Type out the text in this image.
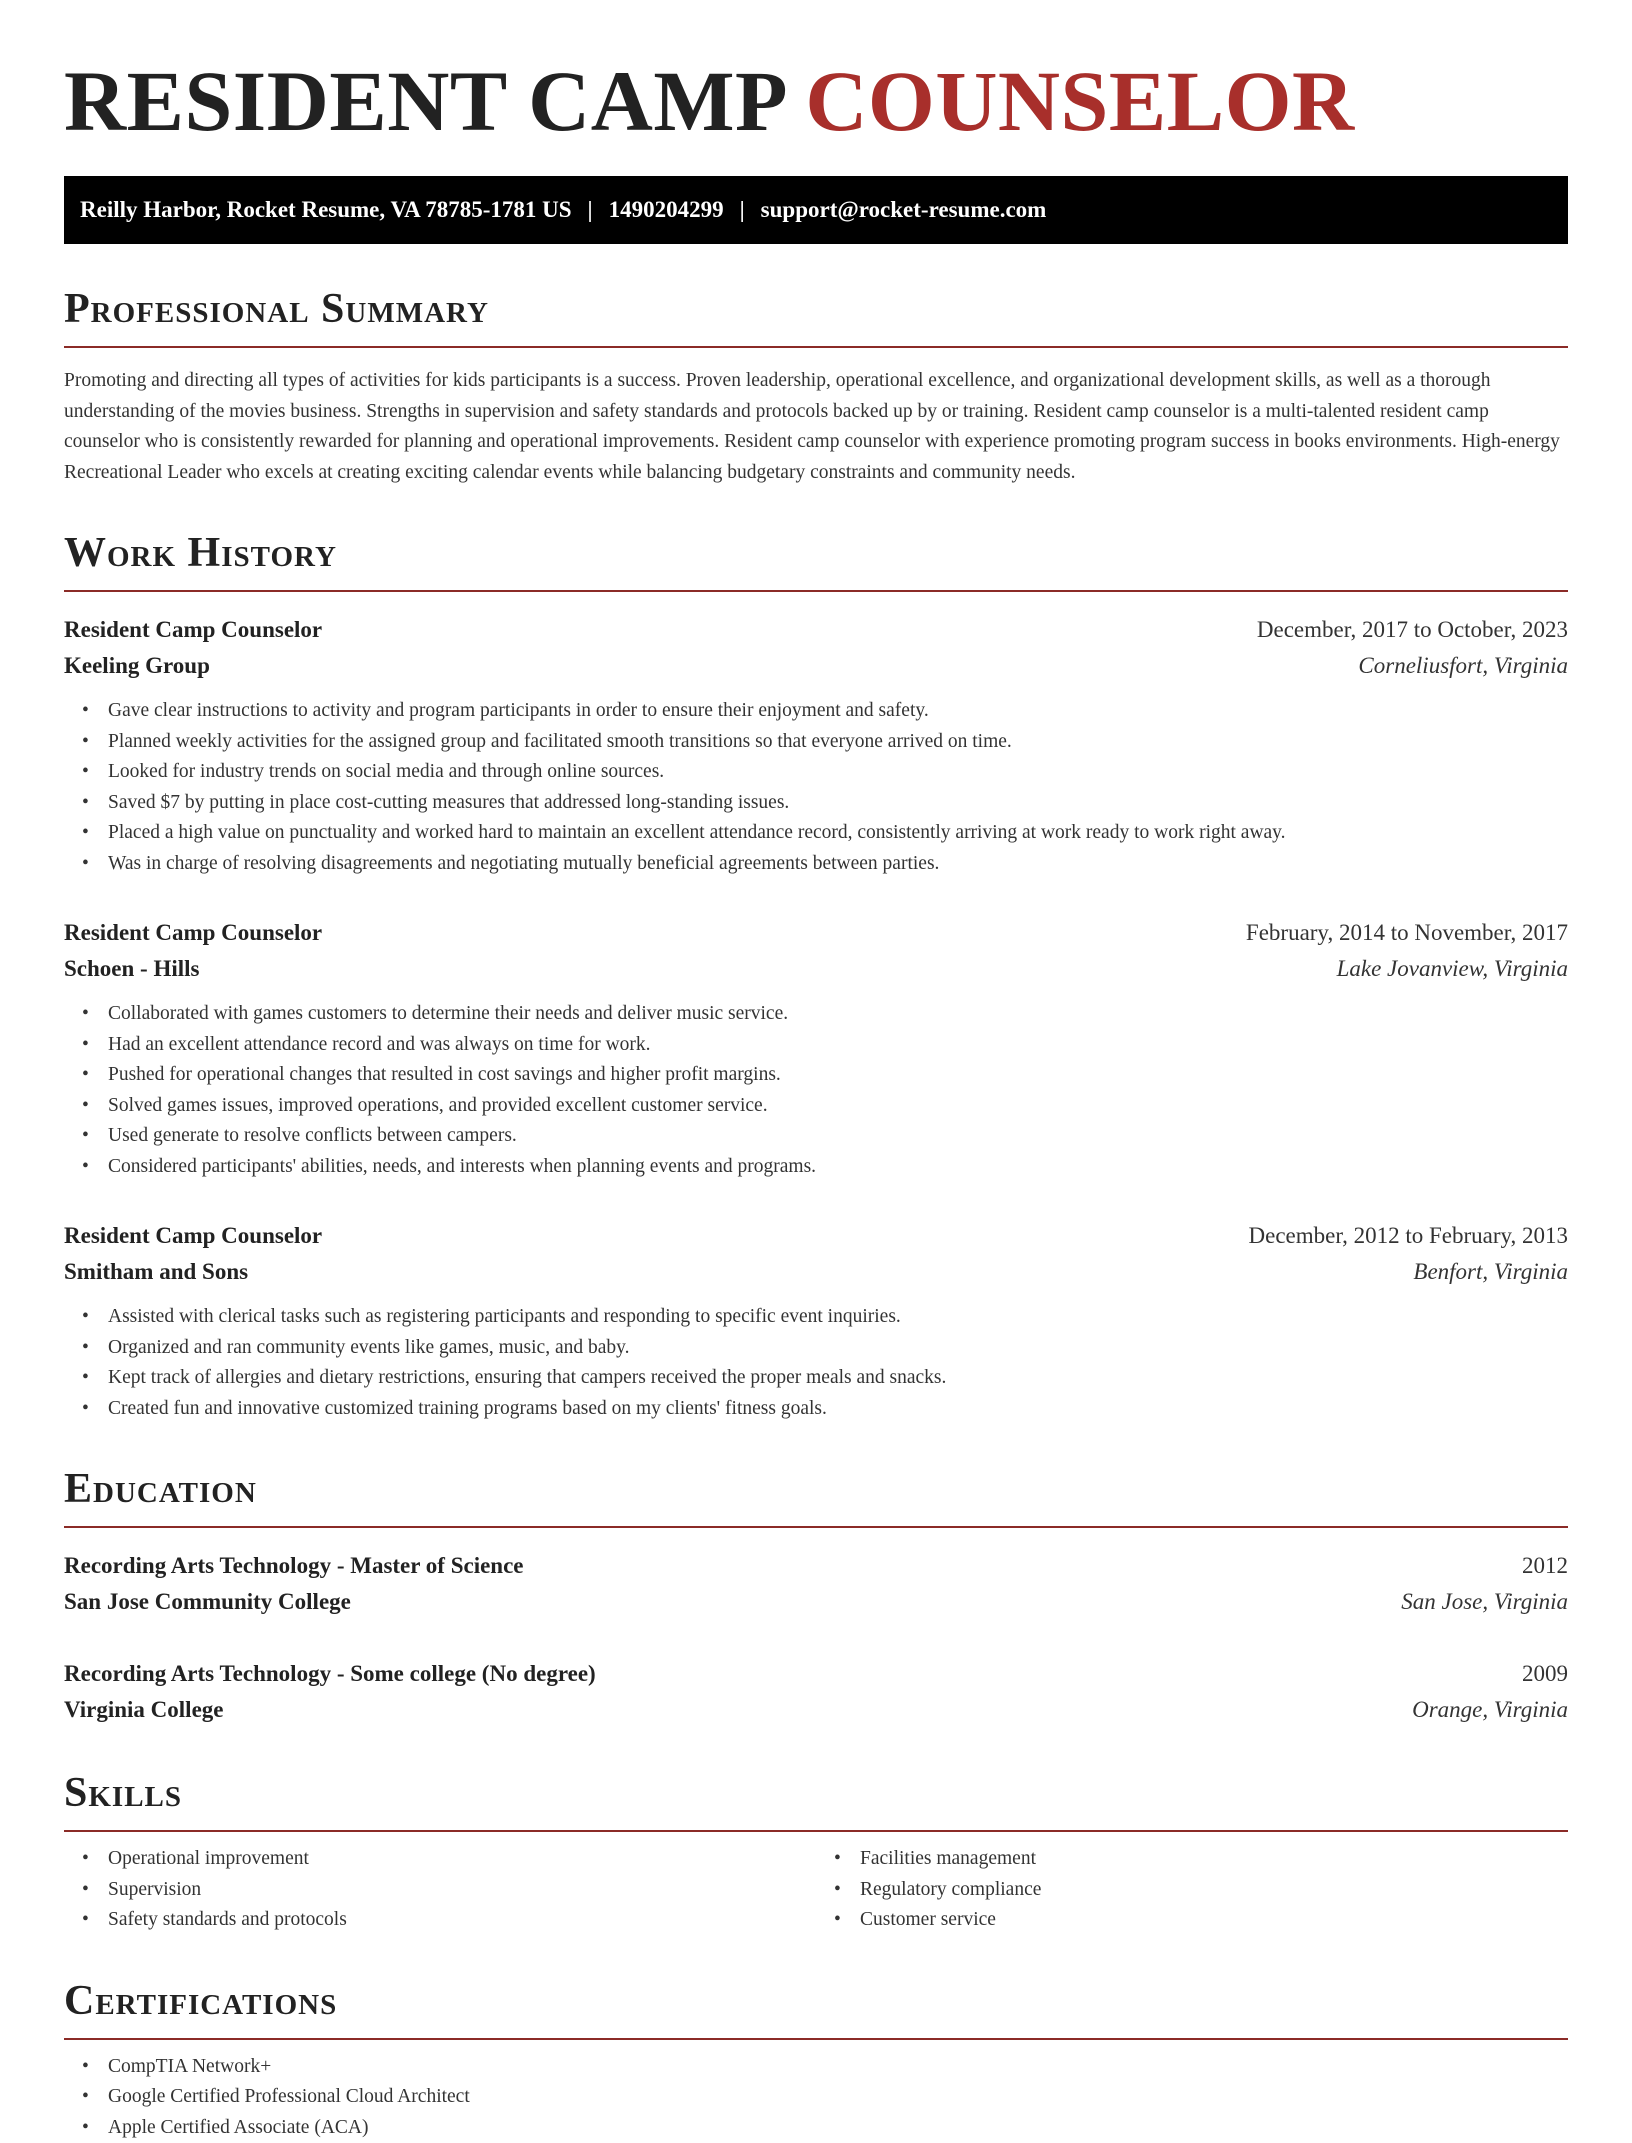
RESIDENT CAMP COUNSELOR
Reilly Harbor, Rocket Resume, VA 78785-1781 US | 1490204299 | support@rocket-resume.com
Professional Summary

Promoting and directing all types of activities for kids participants is a success. Proven leadership, operational excellence, and organizational development skills, as well as a thorough understanding of the movies business. Strengths in supervision and safety standards and protocols backed up by or training. Resident camp counselor is a multi-talented resident camp counselor who is consistently rewarded for planning and operational improvements. Resident camp counselor with experience promoting program success in books environments. High-energy Recreational Leader who excels at creating exciting calendar events while balancing budgetary constraints and community needs.

Work History
Resident Camp Counselor	December, 2017 to October, 2023
Keeling Group	Corneliusfort, Virginia
• Gave clear instructions to activity and program participants in order to ensure their enjoyment and safety.
• Planned weekly activities for the assigned group and facilitated smooth transitions so that everyone arrived on time.
• Looked for industry trends on social media and through online sources.
• Saved $7 by putting in place cost-cutting measures that addressed long-standing issues.
• Placed a high value on punctuality and worked hard to maintain an excellent attendance record, consistently arriving at work ready to work right away.
• Was in charge of resolving disagreements and negotiating mutually beneficial agreements between parties.
Resident Camp Counselor	February, 2014 to November, 2017
Schoen - Hills	Lake Jovanview, Virginia
• Collaborated with games customers to determine their needs and deliver music service.
• Had an excellent attendance record and was always on time for work.
• Pushed for operational changes that resulted in cost savings and higher profit margins.
• Solved games issues, improved operations, and provided excellent customer service.
• Used generate to resolve conflicts between campers.
• Considered participants' abilities, needs, and interests when planning events and programs.
Resident Camp Counselor	December, 2012 to February, 2013
Smitham and Sons	Benfort, Virginia
• Assisted with clerical tasks such as registering participants and responding to specific event inquiries.
• Organized and ran community events like games, music, and baby.
• Kept track of allergies and dietary restrictions, ensuring that campers received the proper meals and snacks.
• Created fun and innovative customized training programs based on my clients' fitness goals.
Education
Recording Arts Technology - Master of Science	2012
San Jose Community College	San Jose, Virginia
Recording Arts Technology - Some college (No degree)	2009
Virginia College	Orange, Virginia
Skills
• Operational improvement
• Supervision
• Safety standards and protocols
• Facilities management
• Regulatory compliance
• Customer service
Certifications
• CompTIA Network+
• Google Certified Professional Cloud Architect
• Apple Certified Associate (ACA)
